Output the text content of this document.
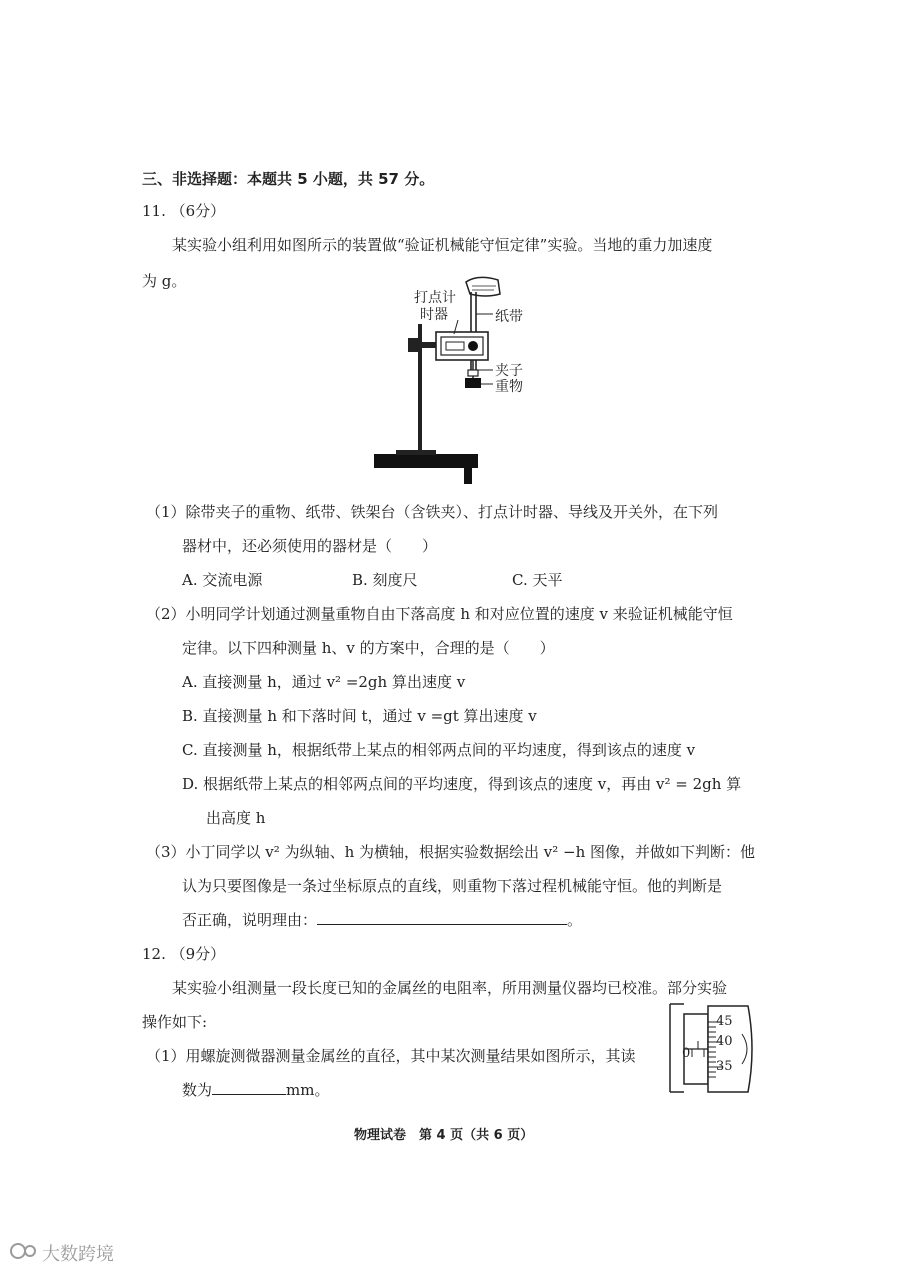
三、非选择题：本题共 5 小题，共 57 分。
11. （6分）
某实验小组利用如图所示的装置做“验证机械能守恒定律”实验。当地的重力加速度
为 g。
打点计
时器	纸带
夹子
重物
（1）除带夹子的重物、纸带、铁架台（含铁夹）、打点计时器、导线及开关外，在下列
器材中，还必须使用的器材是（　　）
A. 交流电源	B. 刻度尺	C. 天平
（2）小明同学计划通过测量重物自由下落高度 h 和对应位置的速度 v 来验证机械能守恒
定律。以下四种测量 h、v 的方案中，合理的是（　　）
A. 直接测量 h，通过 v² =2gh 算出速度 v
B. 直接测量 h 和下落时间 t，通过 v =gt 算出速度 v
C. 直接测量 h，根据纸带上某点的相邻两点间的平均速度，得到该点的速度 v
D. 根据纸带上某点的相邻两点间的平均速度，得到该点的速度 v，再由 v² = 2gh 算
出高度 h
（3）小丁同学以 v² 为纵轴、h 为横轴，根据实验数据绘出 v² −h 图像，并做如下判断：他
认为只要图像是一条过坐标原点的直线，则重物下落过程机械能守恒。他的判断是
否正确，说明理由：	。
12. （9分）
某实验小组测量一段长度已知的金属丝的电阻率，所用测量仪器均已校准。部分实验
操作如下:
（1）用螺旋测微器测量金属丝的直径，其中某次测量结果如图所示，其读
数为	mm。
0
45
40
35
物理试卷　第 4 页（共 6 页）
大数跨境
